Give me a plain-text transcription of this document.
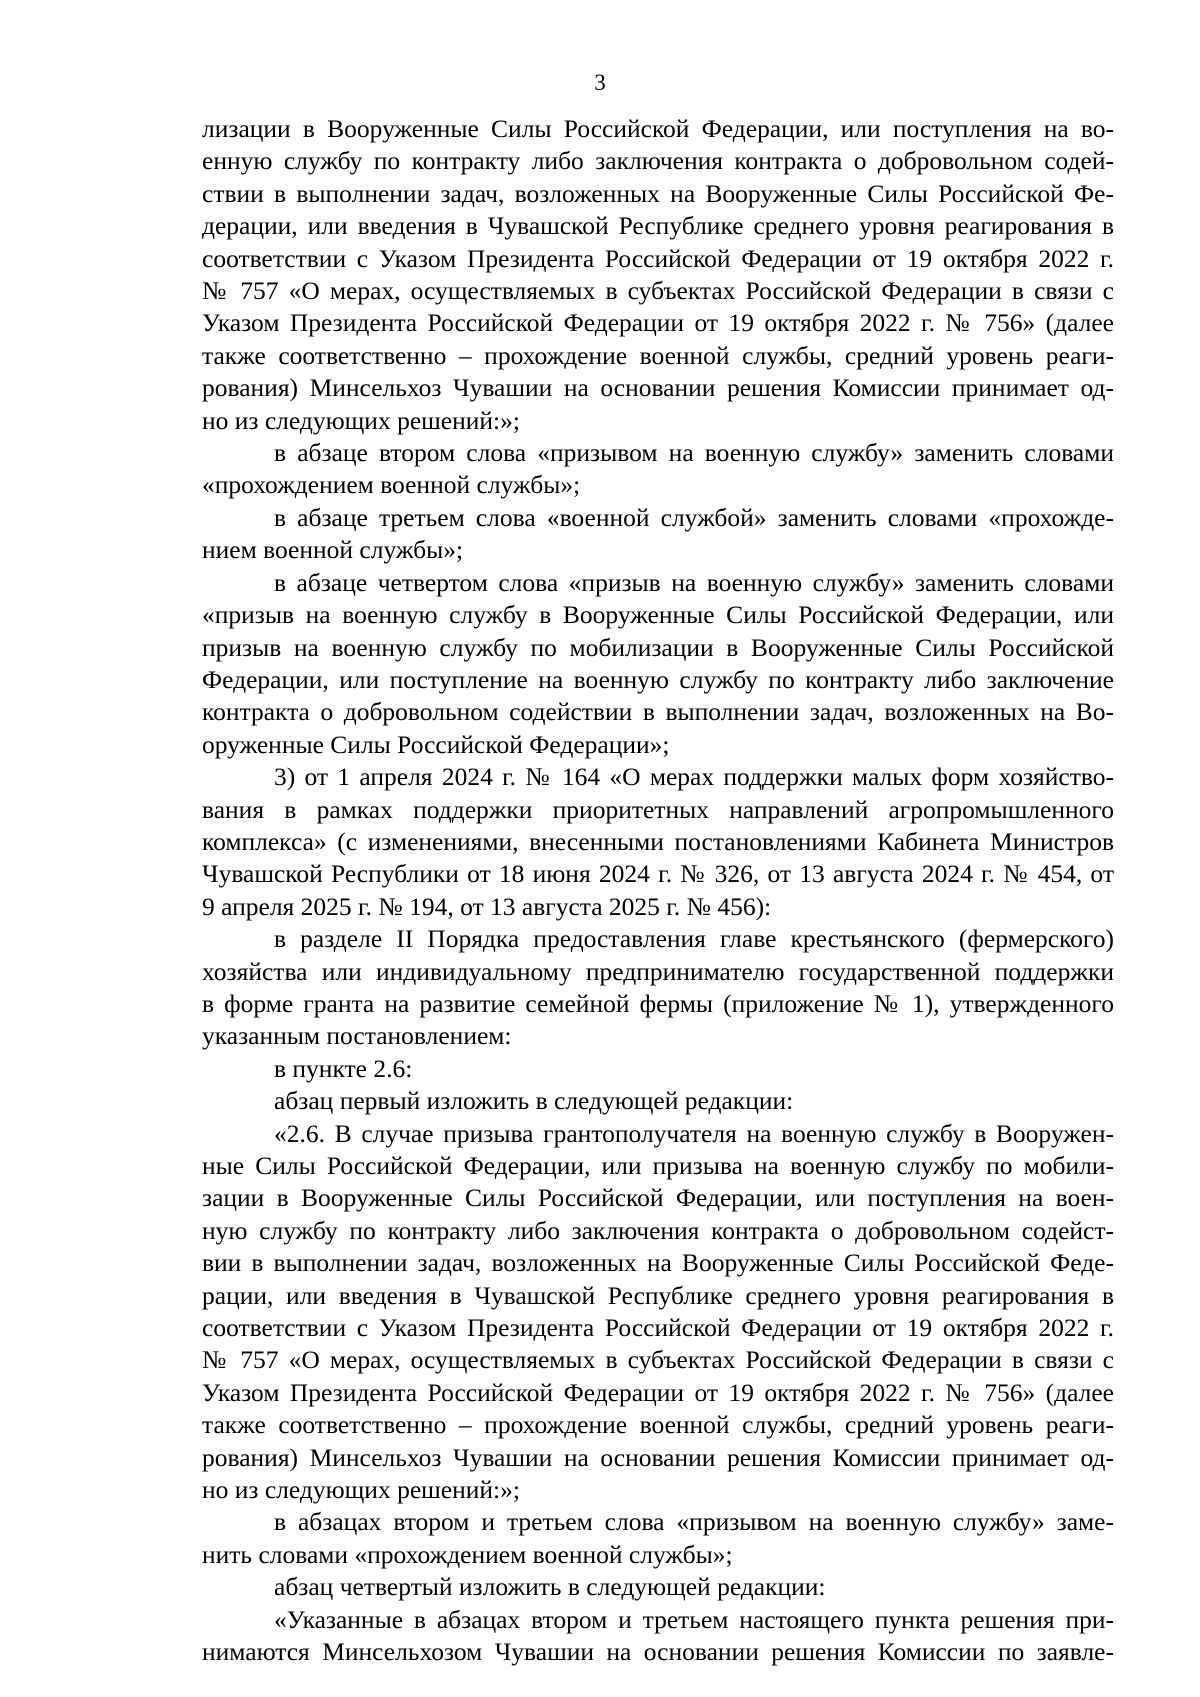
3
лизации в Вооруженные Силы Российской Федерации, или поступления на во-
енную службу по контракту либо заключения контракта о добровольном содей-
ствии в выполнении задач, возложенных на Вооруженные Силы Российской Фе-
дерации, или введения в Чувашской Республике среднего уровня реагирования в
соответствии с Указом Президента Российской Федерации от 19 октября 2022 г.
№ 757 «О мерах, осуществляемых в субъектах Российской Федерации в связи с
Указом Президента Российской Федерации от 19 октября 2022 г. № 756» (далее
также соответственно – прохождение военной службы, средний уровень реаги-
рования) Минсельхоз Чувашии на основании решения Комиссии принимает од-
но из следующих решений:»;
в абзаце втором слова «призывом на военную службу» заменить словами
«прохождением военной службы»;
в абзаце третьем слова «военной службой» заменить словами «прохожде-
нием военной службы»;
в абзаце четвертом слова «призыв на военную службу» заменить словами
«призыв на военную службу в Вооруженные Силы Российской Федерации, или
призыв на военную службу по мобилизации в Вооруженные Силы Российской
Федерации, или поступление на военную службу по контракту либо заключение
контракта о добровольном содействии в выполнении задач, возложенных на Во-
оруженные Силы Российской Федерации»;
3) от 1 апреля 2024 г. № 164 «О мерах поддержки малых форм хозяйство-
вания в рамках поддержки приоритетных направлений агропромышленного
комплекса» (с изменениями, внесенными постановлениями Кабинета Министров
Чувашской Республики от 18 июня 2024 г. № 326, от 13 августа 2024 г. № 454, от
9 апреля 2025 г. № 194, от 13 августа 2025 г. № 456):
в разделе II Порядка предоставления главе крестьянского (фермерского)
хозяйства или индивидуальному предпринимателю государственной поддержки
в форме гранта на развитие семейной фермы (приложение № 1), утвержденного
указанным постановлением:
в пункте 2.6:
абзац первый изложить в следующей редакции:
«2.6. В случае призыва грантополучателя на военную службу в Вооружен-
ные Силы Российской Федерации, или призыва на военную службу по мобили-
зации в Вооруженные Силы Российской Федерации, или поступления на воен-
ную службу по контракту либо заключения контракта о добровольном содейст-
вии в выполнении задач, возложенных на Вооруженные Силы Российской Феде-
рации, или введения в Чувашской Республике среднего уровня реагирования в
соответствии с Указом Президента Российской Федерации от 19 октября 2022 г.
№ 757 «О мерах, осуществляемых в субъектах Российской Федерации в связи с
Указом Президента Российской Федерации от 19 октября 2022 г. № 756» (далее
также соответственно – прохождение военной службы, средний уровень реаги-
рования) Минсельхоз Чувашии на основании решения Комиссии принимает од-
но из следующих решений:»;
в абзацах втором и третьем слова «призывом на военную службу» заме-
нить словами «прохождением военной службы»;
абзац четвертый изложить в следующей редакции:
«Указанные в абзацах втором и третьем настоящего пункта решения при-
нимаются Минсельхозом Чувашии на основании решения Комиссии по заявле-
